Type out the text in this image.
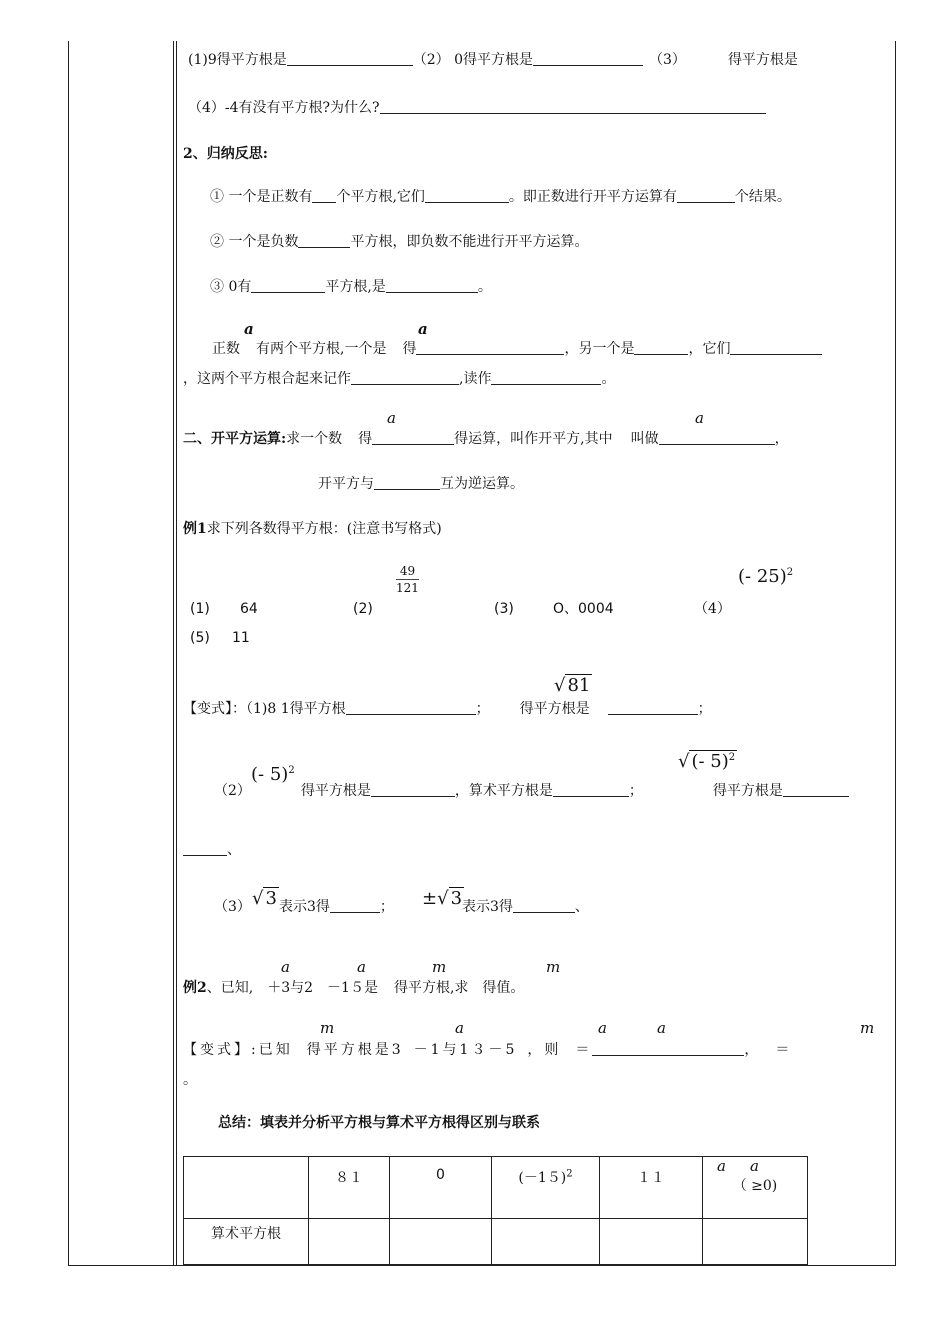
(1)9得平方根是	（2） 0得平方根是	（3）	得平方根是
（4）-4有没有平方根?为什么?
2、归纳反思:
① 一个是正数有 个平方根,它们	。即正数进行开平方运算有	个结果。
② 一个是负数	平方根，即负数不能进行开平方运算。
③ 0有	平方根,是	。
a	a
正数 有两个平方根,一个是 得	，另一个是	，它们
，这两个平方根合起来记作	,读作	。
a	a
二、开平方运算:求一个数 得	得运算，叫作开平方,其中 叫做	，
开平方与	互为逆运算。
例1求下列各数得平方根：(注意书写格式)
$\frac{49}{121}$	(- 25)$^2$
(1) 64	(2)	(3)	O、0004	（4）
(5) 11
√ 81
【变式】：（1)8 1得平方根	； 得平方根是	；
(- 5)$^2$	√ (- 5)$^2$
（2）	得平方根是	，算术平方根是	；	得平方根是
、
√ 3	±√ 3
（3） 表示3得	；	表示3得	、
a	a	m	m
例2、已知, ＋3与2 －1５是 得平方根,求 得值。
m	a	a	a	m
【变式】:已知 得平方根是3 －1与1３－5 ，则 ＝	， ＝
。
总结：填表并分析平方根与算术平方根得区别与联系
	８１	0	$(-15)^2$	１１	a a
（ ≥0)

算术平方根					
